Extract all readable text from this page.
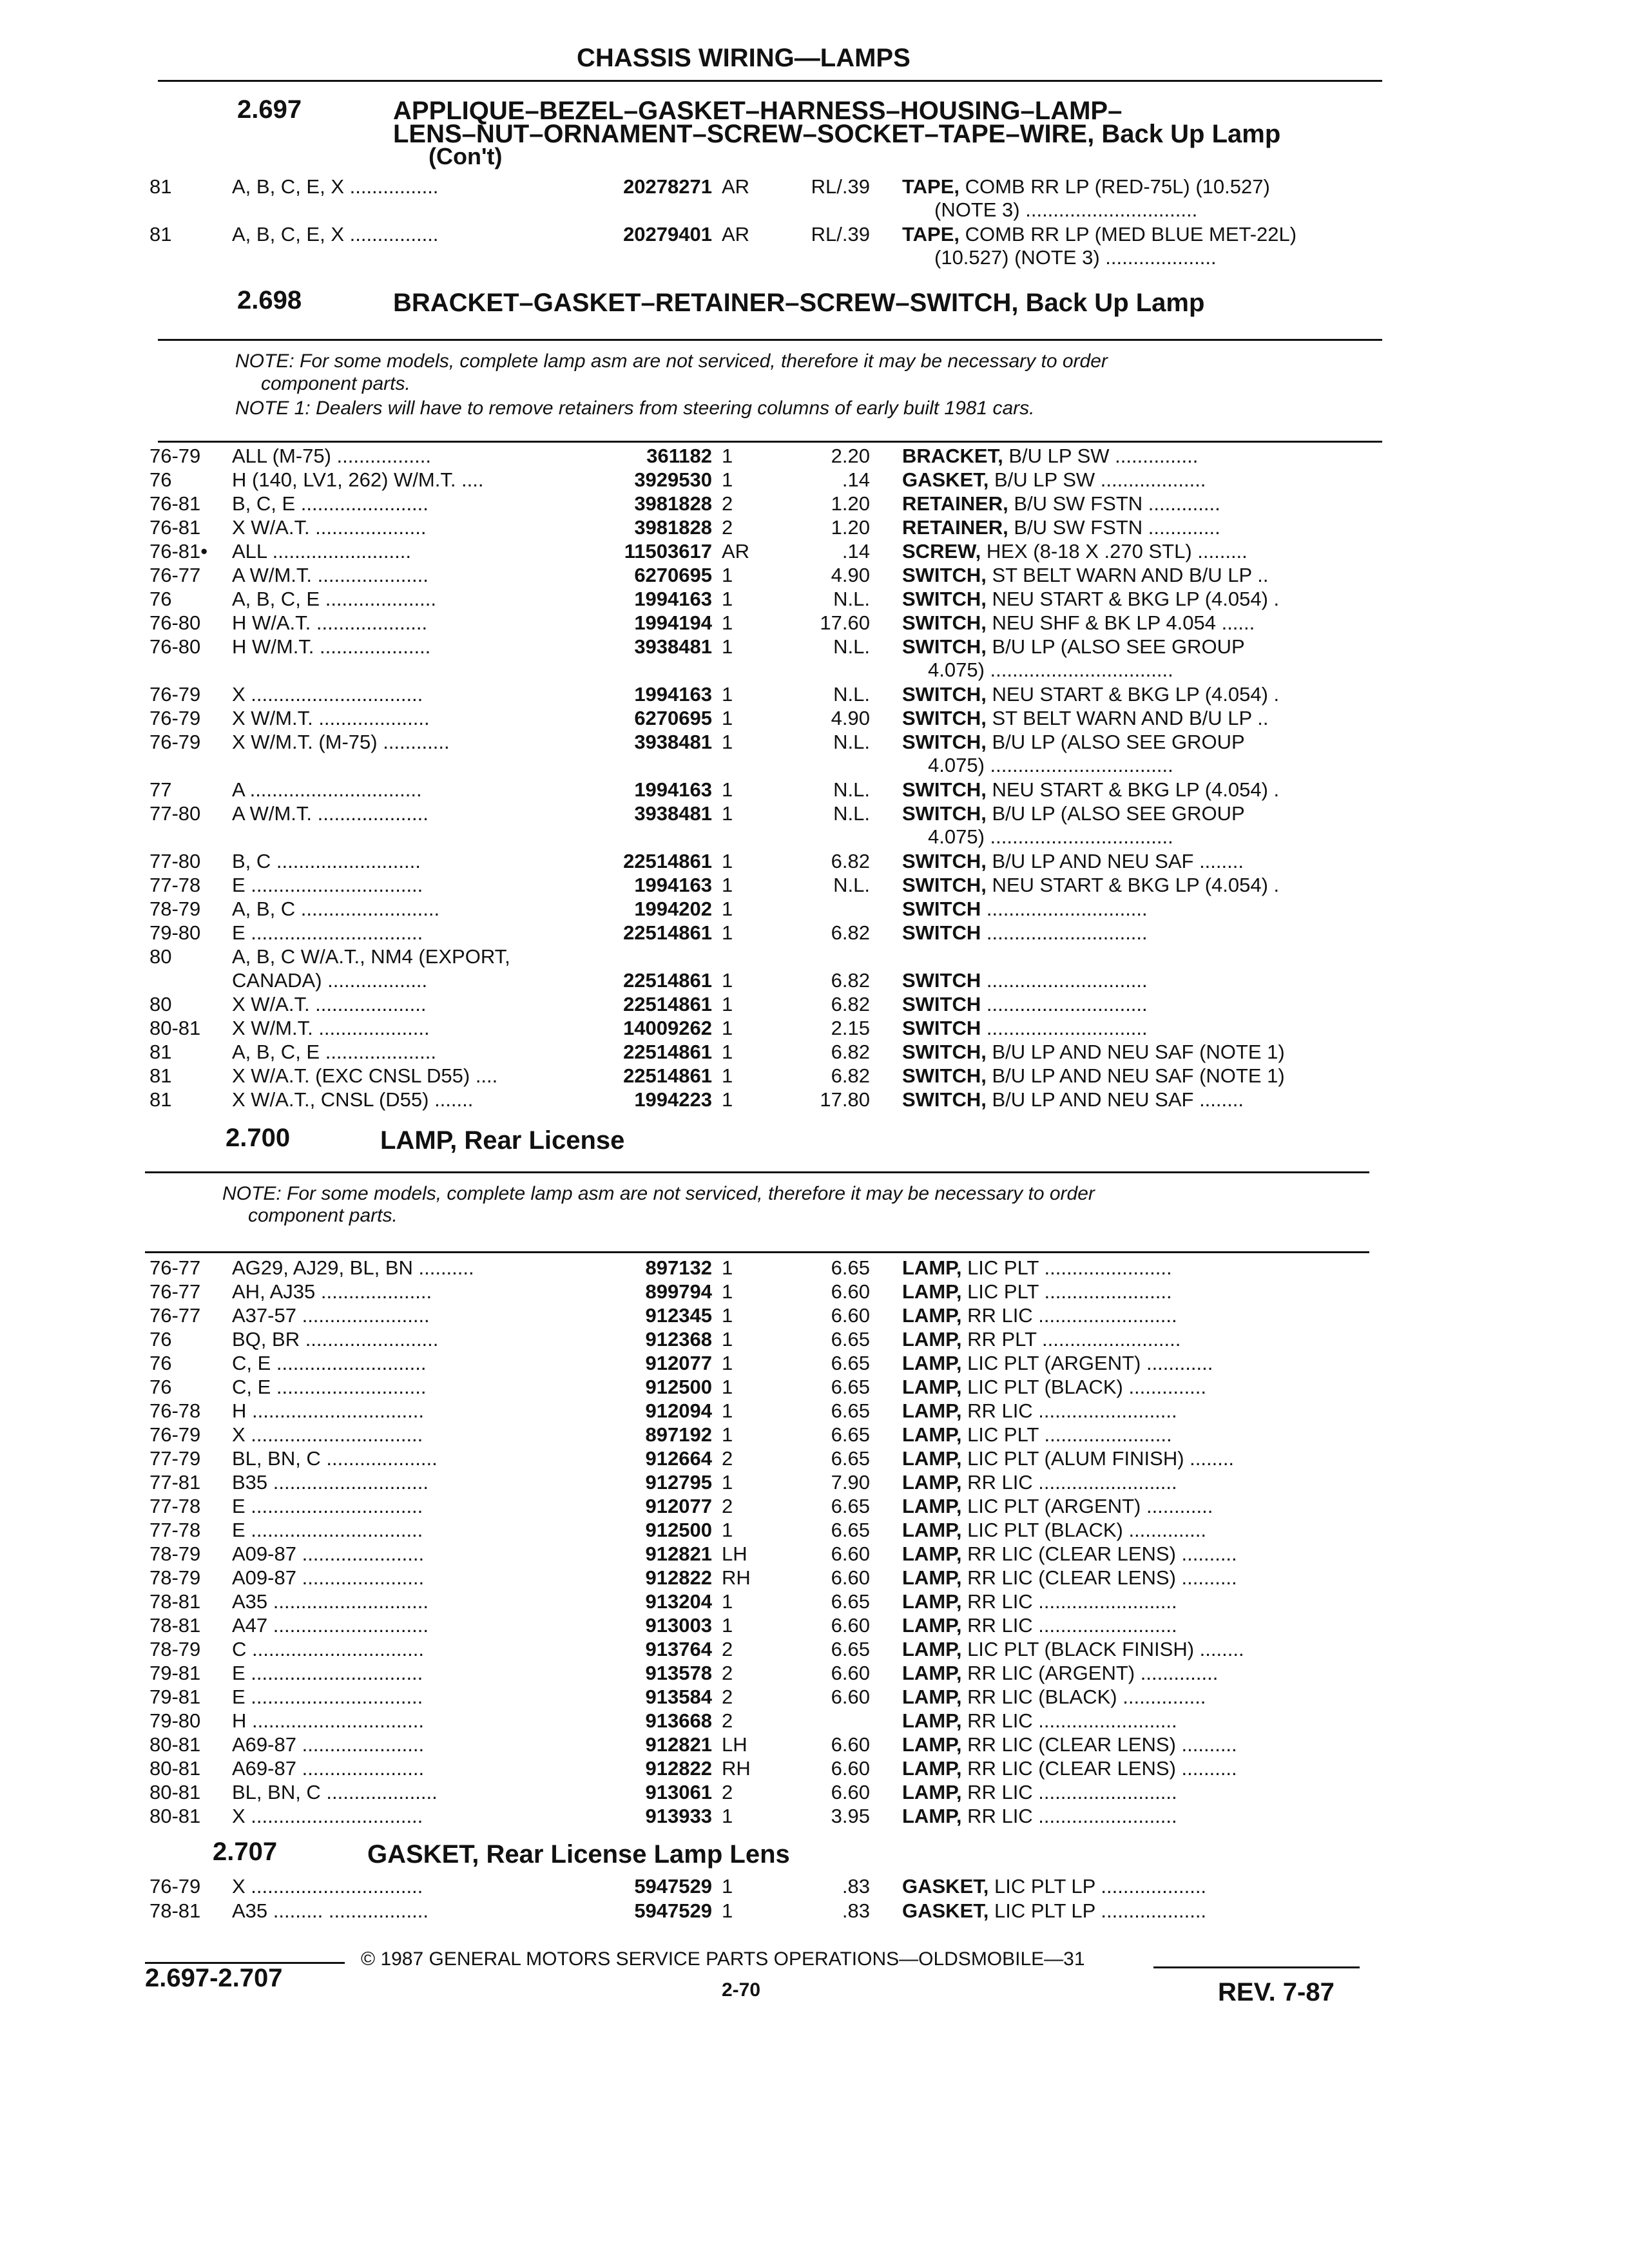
CHASSIS WIRING—LAMPS
2.697	APPLIQUE–BEZEL–GASKET–HARNESS–HOUSING–LAMP–
LENS–NUT–ORNAMENT–SCREW–SOCKET–TAPE–WIRE, Back Up Lamp
(Con't)
81	A, B, C, E, X ................	20278271 AR	RL/.39 TAPE, COMB RR LP (RED-75L) (10.527)
(NOTE 3) ...............................
81	A, B, C, E, X ................	20279401 AR	RL/.39 TAPE, COMB RR LP (MED BLUE MET-22L)
(10.527) (NOTE 3) ....................
2.698	BRACKET–GASKET–RETAINER–SCREW–SWITCH, Back Up Lamp
NOTE: For some models, complete lamp asm are not serviced, therefore it may be necessary to order
component parts.
NOTE 1: Dealers will have to remove retainers from steering columns of early built 1981 cars.
76-79	ALL (M-75) .................	361182 1	2.20 BRACKET, B/U LP SW ...............
76	H (140, LV1, 262) W/M.T. ....	3929530 1	.14 GASKET, B/U LP SW ...................
76-81	B, C, E .......................	3981828 2	1.20 RETAINER, B/U SW FSTN .............
76-81	X W/A.T. ....................	3981828 2	1.20 RETAINER, B/U SW FSTN .............
76-81•	ALL .........................	11503617 AR	.14 SCREW, HEX (8-18 X .270 STL) .........
76-77	A W/M.T. ....................	6270695 1	4.90 SWITCH, ST BELT WARN AND B/U LP ..
76	A, B, C, E ....................	1994163 1	N.L. SWITCH, NEU START & BKG LP (4.054) .
76-80	H W/A.T. ....................	1994194 1	17.60 SWITCH, NEU SHF & BK LP 4.054 ......
76-80	H W/M.T. ....................	3938481 1	N.L. SWITCH, B/U LP (ALSO SEE GROUP
4.075) .................................
76-79	X ...............................	1994163 1	N.L. SWITCH, NEU START & BKG LP (4.054) .
76-79	X W/M.T. ....................	6270695 1	4.90 SWITCH, ST BELT WARN AND B/U LP ..
76-79	X W/M.T. (M-75) ............	3938481 1	N.L. SWITCH, B/U LP (ALSO SEE GROUP
4.075) .................................
77	A ...............................	1994163 1	N.L. SWITCH, NEU START & BKG LP (4.054) .
77-80	A W/M.T. ....................	3938481 1	N.L. SWITCH, B/U LP (ALSO SEE GROUP
4.075) .................................
77-80	B, C ..........................	22514861 1	6.82 SWITCH, B/U LP AND NEU SAF ........
77-78	E ...............................	1994163 1	N.L. SWITCH, NEU START & BKG LP (4.054) .
78-79	A, B, C .........................	1994202 1	SWITCH .............................
79-80	E ...............................	22514861 1	6.82 SWITCH .............................
80	A, B, C W/A.T., NM4 (EXPORT,
CANADA) ..................	22514861 1	6.82 SWITCH .............................
80	X W/A.T. ....................	22514861 1	6.82 SWITCH .............................
80-81	X W/M.T. ....................	14009262 1	2.15 SWITCH .............................
81	A, B, C, E ....................	22514861 1	6.82 SWITCH, B/U LP AND NEU SAF (NOTE 1)
81	X W/A.T. (EXC CNSL D55) ....	22514861 1	6.82 SWITCH, B/U LP AND NEU SAF (NOTE 1)
81	X W/A.T., CNSL (D55) .......	1994223 1	17.80 SWITCH, B/U LP AND NEU SAF ........
2.700	LAMP, Rear License
NOTE: For some models, complete lamp asm are not serviced, therefore it may be necessary to order
component parts.
76-77	AG29, AJ29, BL, BN ..........	897132 1	6.65 LAMP, LIC PLT .......................
76-77	AH, AJ35 ....................	899794 1	6.60 LAMP, LIC PLT .......................
76-77	A37-57 .......................	912345 1	6.60 LAMP, RR LIC .........................
76	BQ, BR ........................	912368 1	6.65 LAMP, RR PLT .........................
76	C, E ...........................	912077 1	6.65 LAMP, LIC PLT (ARGENT) ............
76	C, E ...........................	912500 1	6.65 LAMP, LIC PLT (BLACK) ..............
76-78	H ...............................	912094 1	6.65 LAMP, RR LIC .........................
76-79	X ...............................	897192 1	6.65 LAMP, LIC PLT .......................
77-79	BL, BN, C ....................	912664 2	6.65 LAMP, LIC PLT (ALUM FINISH) ........
77-81	B35 ............................	912795 1	7.90 LAMP, RR LIC .........................
77-78	E ...............................	912077 2	6.65 LAMP, LIC PLT (ARGENT) ............
77-78	E ...............................	912500 1	6.65 LAMP, LIC PLT (BLACK) ..............
78-79	A09-87 ......................	912821 LH	6.60 LAMP, RR LIC (CLEAR LENS) ..........
78-79	A09-87 ......................	912822 RH	6.60 LAMP, RR LIC (CLEAR LENS) ..........
78-81	A35 ............................	913204 1	6.65 LAMP, RR LIC .........................
78-81	A47 ............................	913003 1	6.60 LAMP, RR LIC .........................
78-79	C ...............................	913764 2	6.65 LAMP, LIC PLT (BLACK FINISH) ........
79-81	E ...............................	913578 2	6.60 LAMP, RR LIC (ARGENT) ..............
79-81	E ...............................	913584 2	6.60 LAMP, RR LIC (BLACK) ...............
79-80	H ...............................	913668 2	LAMP, RR LIC .........................
80-81	A69-87 ......................	912821 LH	6.60 LAMP, RR LIC (CLEAR LENS) ..........
80-81	A69-87 ......................	912822 RH	6.60 LAMP, RR LIC (CLEAR LENS) ..........
80-81	BL, BN, C ....................	913061 2	6.60 LAMP, RR LIC .........................
80-81	X ...............................	913933 1	3.95 LAMP, RR LIC .........................
2.707	GASKET, Rear License Lamp Lens
76-79	X ...............................	5947529 1	.83 GASKET, LIC PLT LP ...................
78-81	A35 ......... ..................	5947529 1	.83 GASKET, LIC PLT LP ...................
© 1987 GENERAL MOTORS SERVICE PARTS OPERATIONS—OLDSMOBILE—31
2.697-2.707	2-70	REV. 7-87
